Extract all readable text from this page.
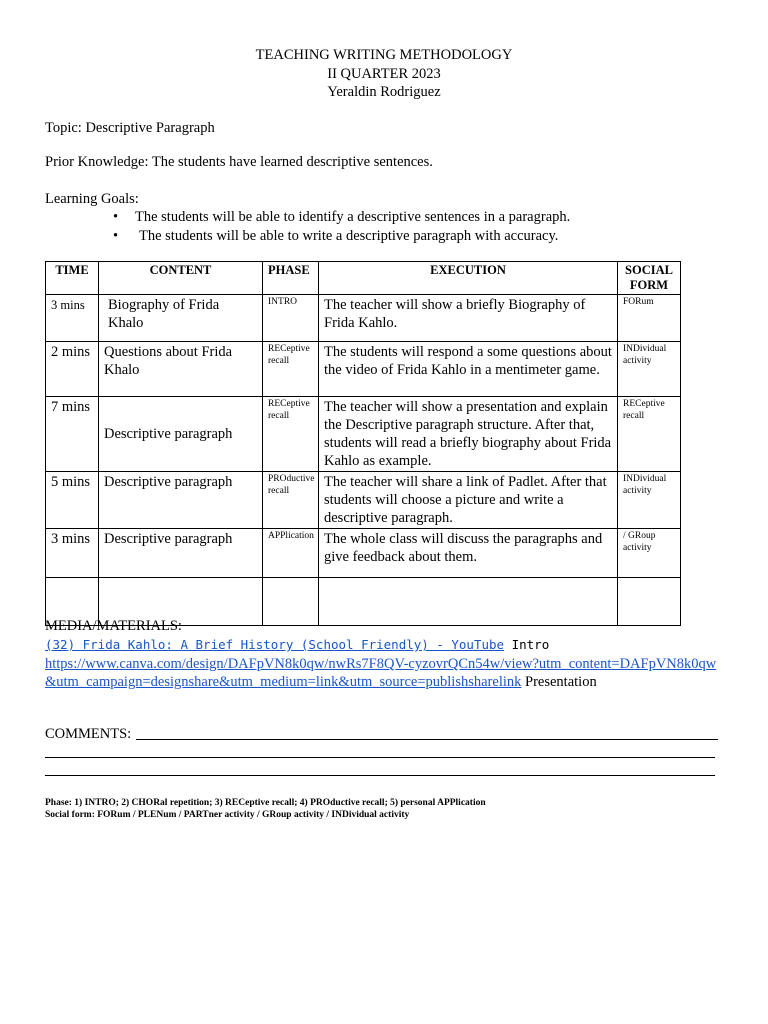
TEACHING WRITING METHODOLOGY
II QUARTER 2023
Yeraldin Rodriguez
Topic: Descriptive Paragraph
Prior Knowledge: The students have learned descriptive sentences.
Learning Goals:
• The students will be able to identify a descriptive sentences in a paragraph.
• The students will be able to write a descriptive paragraph with accuracy.
TIME	CONTENT	PHASE	EXECUTION	SOCIAL FORM
3 mins	Biography of Frida Khalo	INTRO	The teacher will show a briefly Biography of Frida Kahlo.	FORum
2 mins	Questions about Frida Khalo	RECeptive recall	The students will respond a some questions about the video of Frida Kahlo in a mentimeter game.	INDividual activity
7 mins	Descriptive paragraph	RECeptive recall	The teacher will show a presentation and explain the Descriptive paragraph structure. After that, students will read a briefly biography about Frida Kahlo as example.	RECeptive recall
5 mins	Descriptive paragraph	PROductive recall	The teacher will share a link of Padlet. After that students will choose a picture and write a descriptive paragraph.	INDividual activity
3 mins	Descriptive paragraph	APPlication	The whole class will discuss the paragraphs and give feedback about them.	/ GRoup activity

MEDIA/MATERIALS:
(32) Frida Kahlo: A Brief History (School Friendly) - YouTube Intro
https://www.canva.com/design/DAFpVN8k0qw/nwRs7F8QV-cyzovrQCn54w/view?utm_content=DAFpVN8k0qw&utm_campaign=designshare&utm_medium=link&utm_source=publishsharelink Presentation
COMMENTS:
Phase: 1) INTRO; 2) CHORal repetition; 3) RECeptive recall; 4) PROductive recall; 5) personal APPlication
Social form: FORum / PLENum / PARTner activity / GRoup activity / INDividual activity
